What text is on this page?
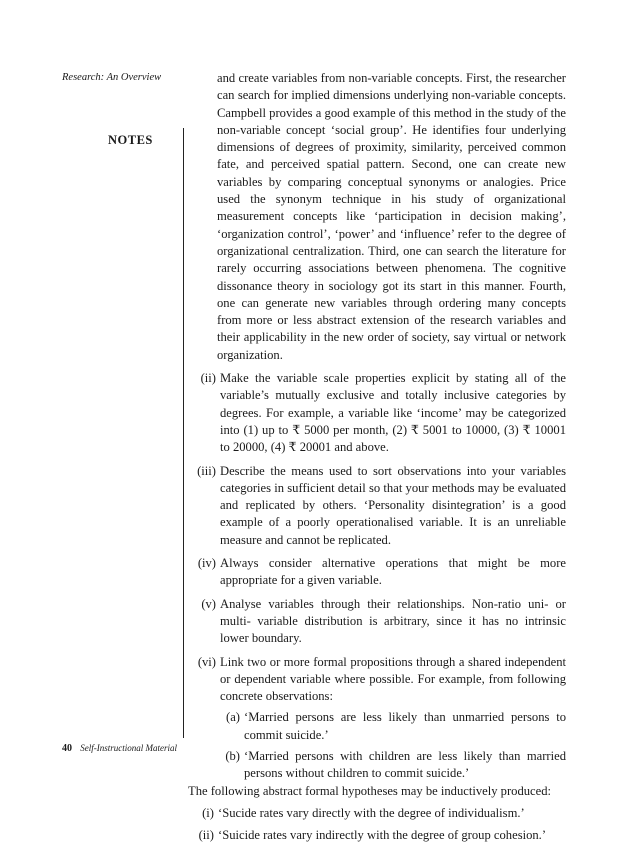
Research: An Overview
NOTES

and create variables from non-variable concepts. First, the researcher can search for implied dimensions underlying non-variable concepts. Campbell provides a good example of this method in the study of the non-variable concept ‘social group’. He identifies four underlying dimensions of degrees of proximity, similarity, perceived common fate, and perceived spatial pattern. Second, one can create new variables by comparing conceptual synonyms or analogies. Price used the synonym technique in his study of organizational measurement concepts like ‘participation in decision making’, ‘organization control’, ‘power’ and ‘influence’ refer to the degree of organizational centralization. Third, one can search the literature for rarely occurring associations between phenomena. The cognitive dissonance theory in sociology got its start in this manner. Fourth, one can generate new variables through ordering many concepts from more or less abstract extension of the research variables and their applicability in the new order of society, say virtual or network organization.

(ii) Make the variable scale properties explicit by stating all of the variable’s mutually exclusive and totally inclusive categories by degrees. For example, a variable like ‘income’ may be categorized into (1) up to ₹ 5000 per month, (2) ₹ 5001 to 10000, (3) ₹ 10001 to 20000, (4) ₹ 20001 and above.
(iii) Describe the means used to sort observations into your variables categories in sufficient detail so that your methods may be evaluated and replicated by others. ‘Personality disintegration’ is a good example of a poorly operationalised variable. It is an unreliable measure and cannot be replicated.
(iv) Always consider alternative operations that might be more appropriate for a given variable.
(v) Analyse variables through their relationships. Non-ratio uni- or multi- variable distribution is arbitrary, since it has no intrinsic lower boundary.
(vi) Link two or more formal propositions through a shared independent or dependent variable where possible. For example, from following concrete observations:
(a) ‘Married persons are less likely than unmarried persons to commit suicide.’
(b) ‘Married persons with children are less likely than married persons without children to commit suicide.’

The following abstract formal hypotheses may be inductively produced:

(i) ‘Sucide rates vary directly with the degree of individualism.’
(ii) ‘Suicide rates vary indirectly with the degree of group cohesion.’
40 Self-Instructional Material
